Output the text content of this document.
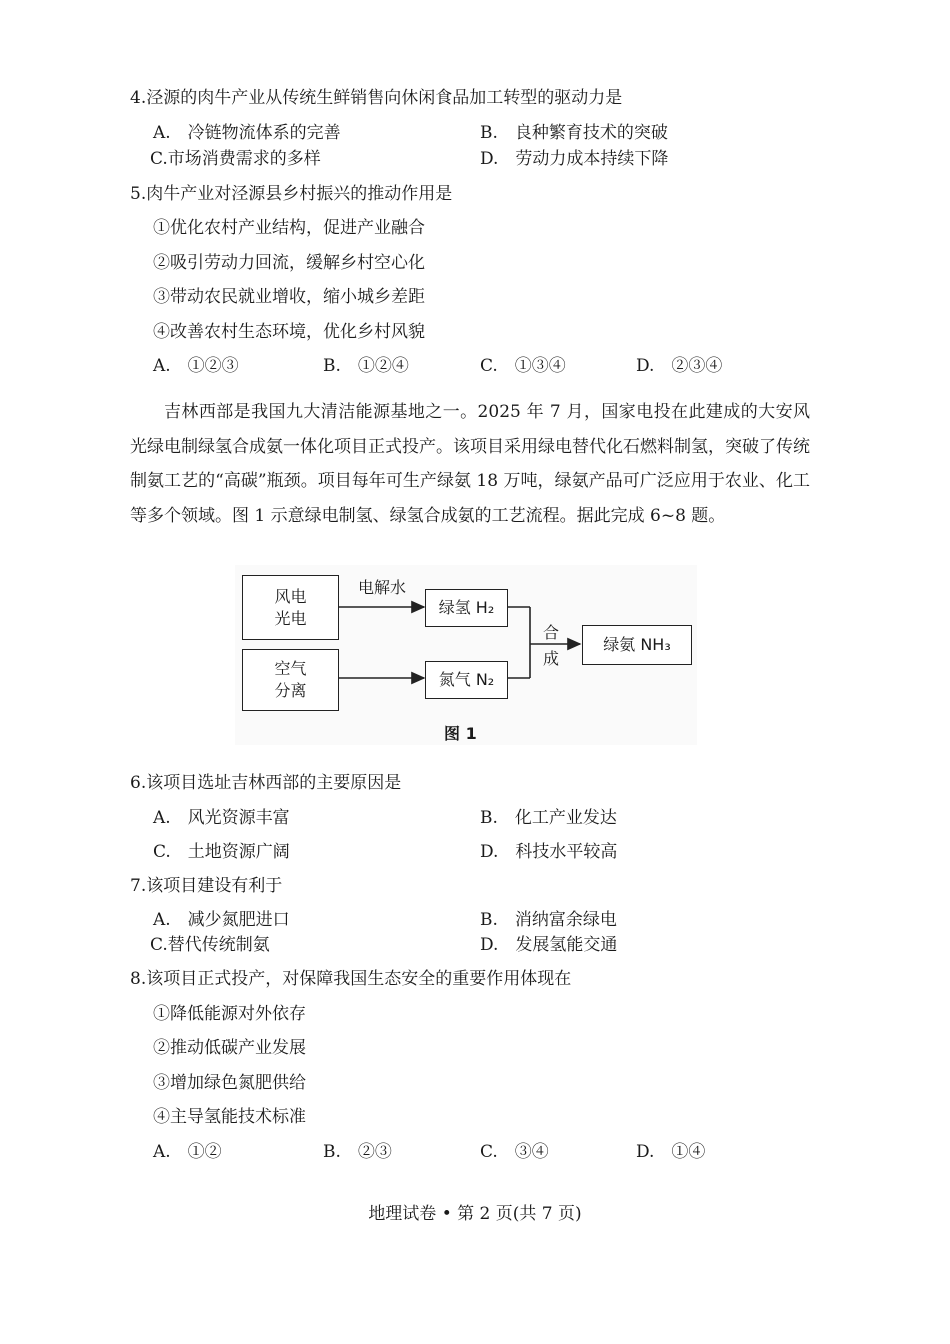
4.泾源的肉牛产业从传统生鲜销售向休闲食品加工转型的驱动力是
A.　冷链物流体系的完善	B.　良种繁育技术的突破
C.市场消费需求的多样	D.　劳动力成本持续下降
5.肉牛产业对泾源县乡村振兴的推动作用是
①优化农村产业结构，促进产业融合
②吸引劳动力回流，缓解乡村空心化
③带动农民就业增收，缩小城乡差距
④改善农村生态环境，优化乡村风貌
A.　①②③	B.　①②④	C.　①③④	D.　②③④
吉林西部是我国九大清洁能源基地之一。2025 年 7 月，国家电投在此建成的大安风光绿电制绿氢合成氨一体化项目正式投产。该项目采用绿电替代化石燃料制氢，突破了传统制氨工艺的“高碳”瓶颈。项目每年可生产绿氨 18 万吨，绿氨产品可广泛应用于农业、化工等多个领域。图 1 示意绿电制氢、绿氢合成氨的工艺流程。据此完成 6~8 题。
风电
光电
空气
分离
电解水
绿氢 H₂
氮气 N₂
合
成
绿氨 NH₃
图 1
6.该项目选址吉林西部的主要原因是
A.　风光资源丰富	B.　化工产业发达
C.　土地资源广阔	D.　科技水平较高
7.该项目建设有利于
A.　减少氮肥进口	B.　消纳富余绿电
C.替代传统制氨	D.　发展氢能交通
8.该项目正式投产，对保障我国生态安全的重要作用体现在
①降低能源对外依存
②推动低碳产业发展
③增加绿色氮肥供给
④主导氢能技术标准
A.　①②	B.　②③	C.　③④	D.　①④
地理试卷 • 第 2 页(共 7 页)
